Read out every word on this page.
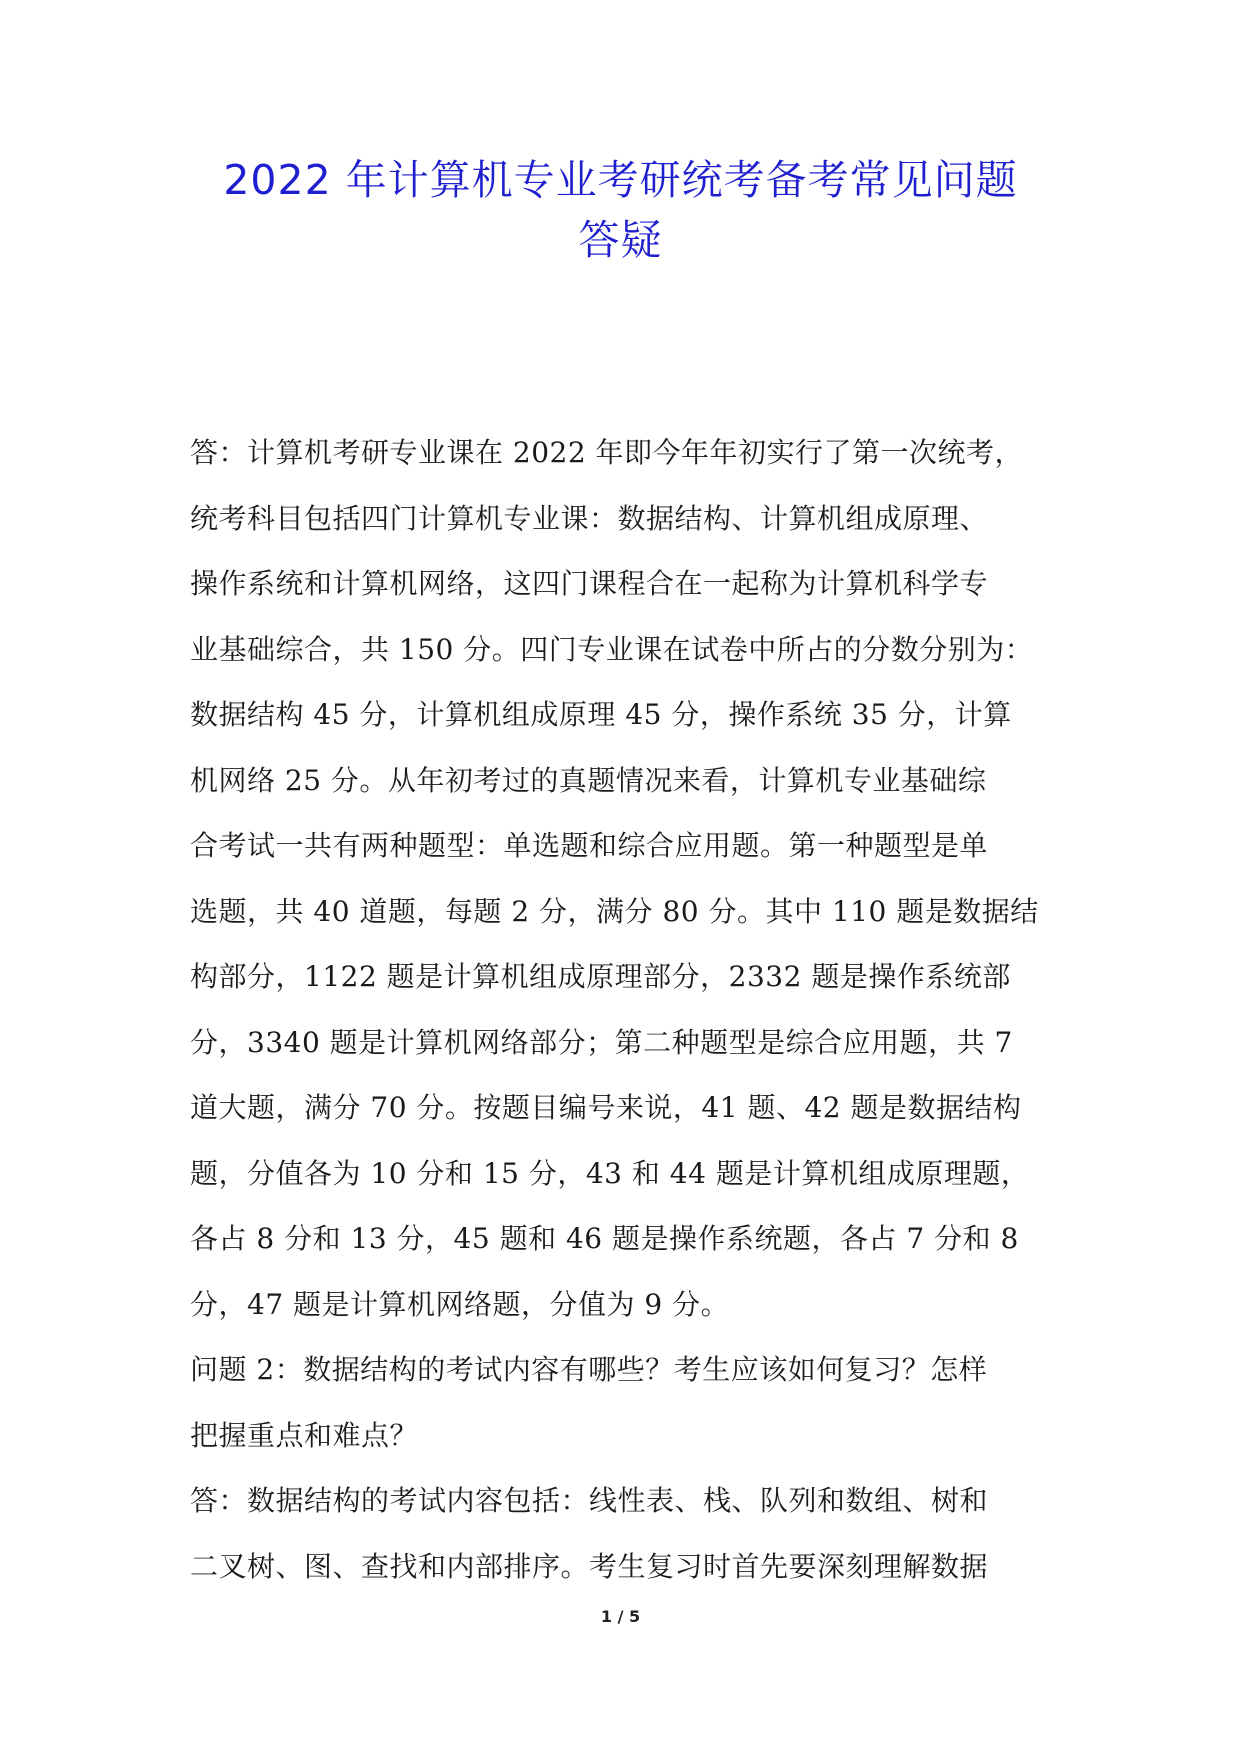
2022 年计算机专业考研统考备考常见问题
答疑
答：计算机考研专业课在 2022 年即今年年初实行了第一次统考，
统考科目包括四门计算机专业课：数据结构、计算机组成原理、
操作系统和计算机网络，这四门课程合在一起称为计算机科学专
业基础综合，共 150 分。四门专业课在试卷中所占的分数分别为：
数据结构 45 分，计算机组成原理 45 分，操作系统 35 分，计算
机网络 25 分。从年初考过的真题情况来看，计算机专业基础综
合考试一共有两种题型：单选题和综合应用题。第一种题型是单
选题，共 40 道题，每题 2 分，满分 80 分。其中 110 题是数据结
构部分，1122 题是计算机组成原理部分，2332 题是操作系统部
分，3340 题是计算机网络部分；第二种题型是综合应用题，共 7
道大题，满分 70 分。按题目编号来说，41 题、42 题是数据结构
题，分值各为 10 分和 15 分，43 和 44 题是计算机组成原理题，
各占 8 分和 13 分，45 题和 46 题是操作系统题，各占 7 分和 8
分，47 题是计算机网络题，分值为 9 分。
问题 2：数据结构的考试内容有哪些？考生应该如何复习？怎样
把握重点和难点？
答：数据结构的考试内容包括：线性表、栈、队列和数组、树和
二叉树、图、查找和内部排序。考生复习时首先要深刻理解数据
1 / 5
